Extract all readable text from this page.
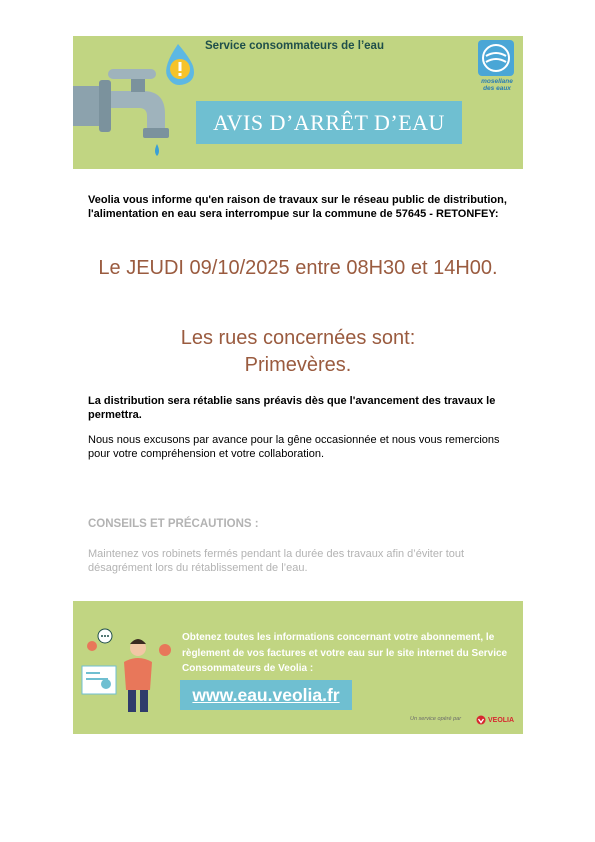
Service consommateurs de l’eau
mosellane
des eaux
AVIS D’ARRÊT D’EAU
Veolia vous informe qu'en raison de travaux sur le réseau public de distribution, l'alimentation en eau sera interrompue sur la commune de 57645 - RETONFEY:
Le JEUDI 09/10/2025 entre 08H30 et 14H00.
Les rues concernées sont:
Primevères.
La distribution sera rétablie sans préavis dès que l'avancement des travaux le permettra.
Nous nous excusons par avance pour la gêne occasionnée et nous vous remercions pour votre compréhension et votre collaboration.
CONSEILS ET PRÉCAUTIONS :
Maintenez vos robinets fermés pendant la durée des travaux afin d’éviter tout désagrément lors du rétablissement de l’eau.
Obtenez toutes les informations concernant votre abonnement, le règlement de vos factures et votre eau sur le site internet du Service Consommateurs de Veolia :
www.eau.veolia.fr
Un service opéré par	VEOLIA
